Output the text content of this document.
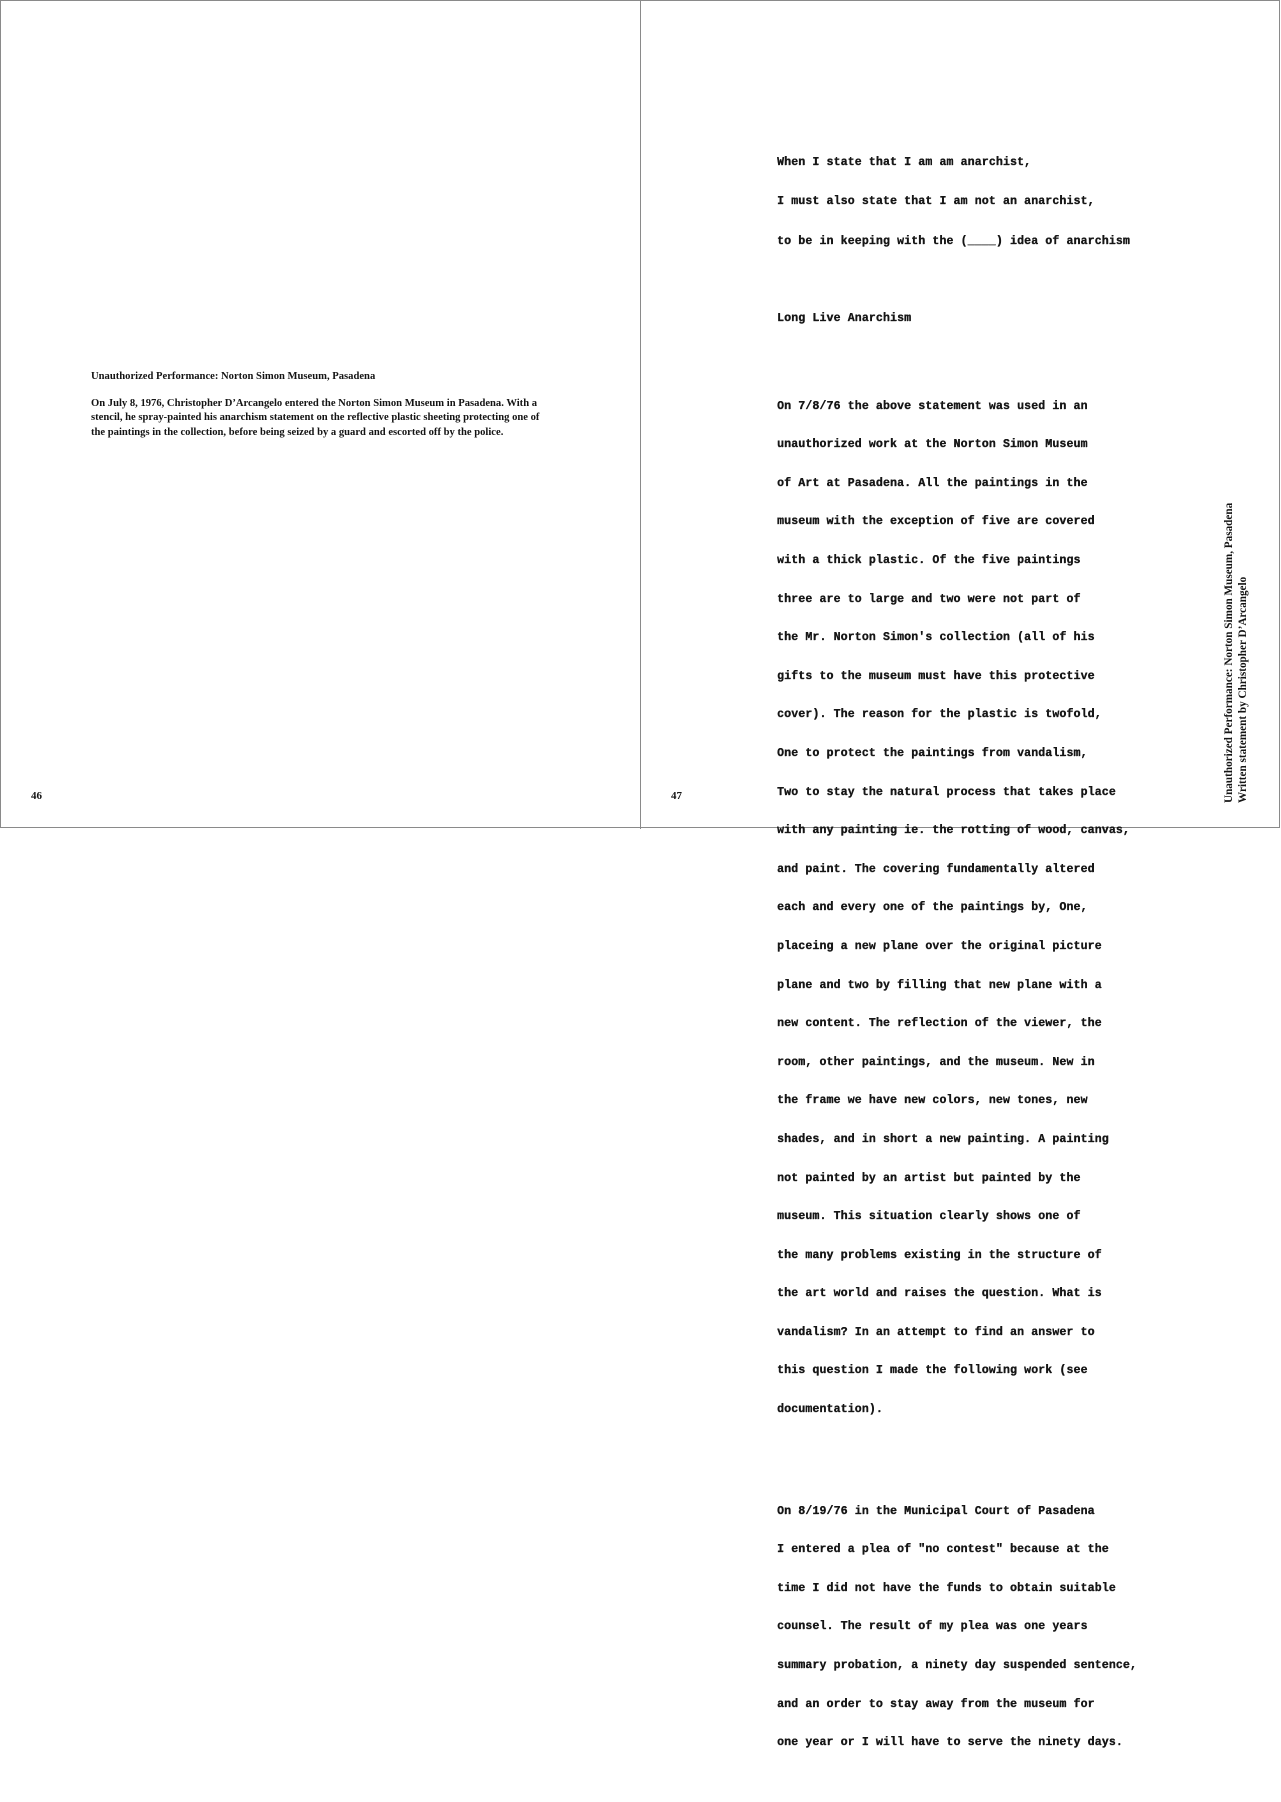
Unauthorized Performance: Norton Simon Museum, Pasadena

On July 8, 1976, Christopher D’Arcangelo entered the Norton Simon Museum in Pasadena. With a stencil, he spray-painted his anarchism statement on the reflective plastic sheeting protecting one of the paintings in the collection, before being seized by a guard and escorted off by the police.

46

When I state that I am am anarchist,

I must also state that I am not an anarchist,

to be in keeping with the (____) idea of anarchism

Long Live Anarchism

On 7/8/76 the above statement was used in an

unauthorized work at the Norton Simon Museum

of Art at Pasadena. All the paintings in the

museum with the exception of five are covered

with a thick plastic. Of the five paintings

three are to large and two were not part of

the Mr. Norton Simon's collection (all of his

gifts to the museum must have this protective

cover). The reason for the plastic is twofold,

One to protect the paintings from vandalism,

Two to stay the natural process that takes place

with any painting ie. the rotting of wood, canvas,

and paint. The covering fundamentally altered

each and every one of the paintings by, One,

placeing a new plane over the original picture

plane and two by filling that new plane with a

new content. The reflection of the viewer, the

room, other paintings, and the museum. New in

the frame we have new colors, new tones, new

shades, and in short a new painting. A painting

not painted by an artist but painted by the

museum. This situation clearly shows one of

the many problems existing in the structure of

the art world and raises the question. What is

vandalism? In an attempt to find an answer to

this question I made the following work (see

documentation).

On 8/19/76 in the Municipal Court of Pasadena

I entered a plea of "no contest" because at the

time I did not have the funds to obtain suitable

counsel. The result of my plea was one years

summary probation, a ninety day suspended sentence,

and an order to stay away from the museum for

one year or I will have to serve the ninety days.

Unauthorized Performance: Norton Simon Museum, Pasadena Written statement by Christopher D’Arcangelo
47
